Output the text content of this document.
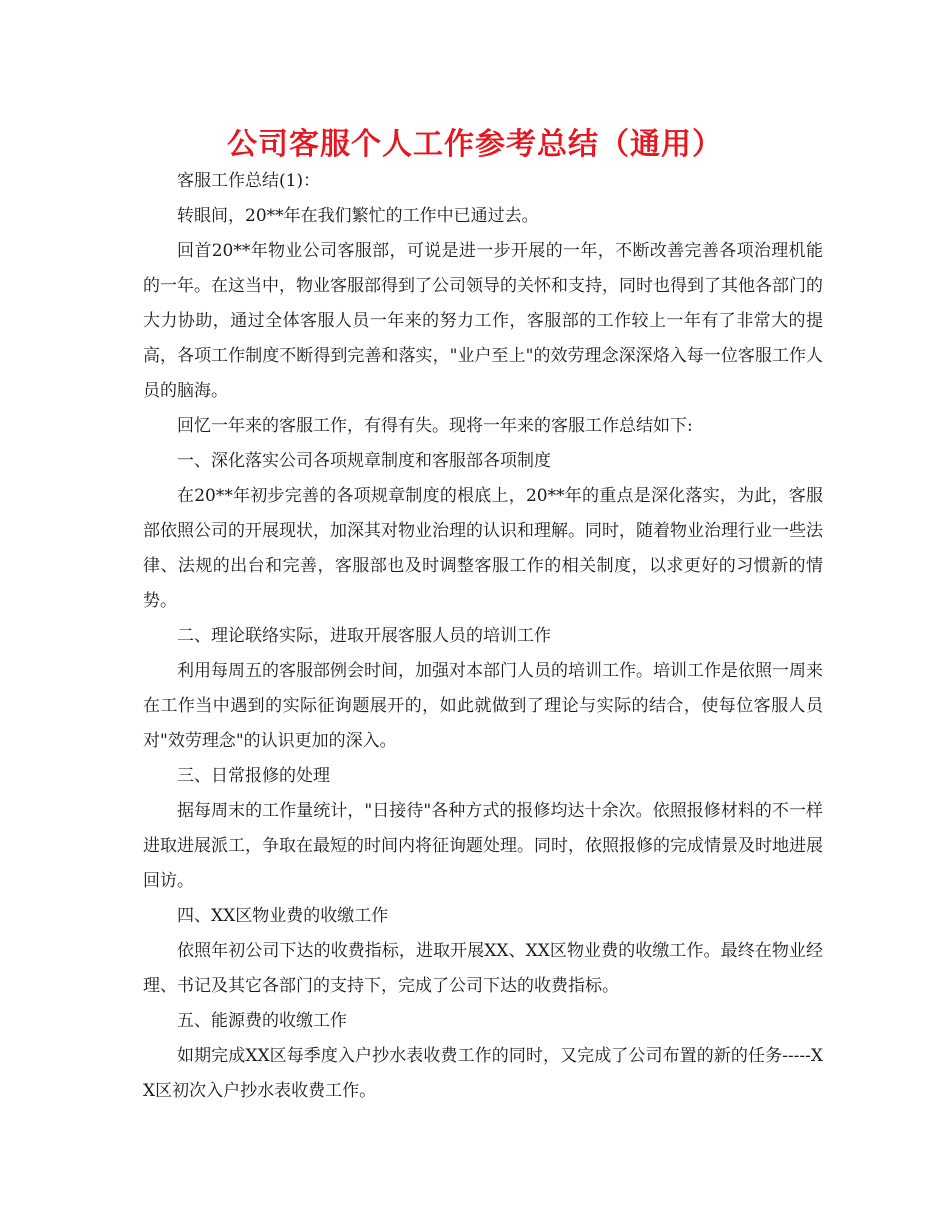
公司客服个人工作参考总结（通用）

客服工作总结(1)：

转眼间，20**年在我们繁忙的工作中已通过去。

回首20**年物业公司客服部，可说是进一步开展的一年，不断改善完善各项治理机能的一年。在这当中，物业客服部得到了公司领导的关怀和支持，同时也得到了其他各部门的大力协助，通过全体客服人员一年来的努力工作，客服部的工作较上一年有了非常大的提高，各项工作制度不断得到完善和落实，"业户至上"的效劳理念深深烙入每一位客服工作人员的脑海。

回忆一年来的客服工作，有得有失。现将一年来的客服工作总结如下:

一、深化落实公司各项规章制度和客服部各项制度

在20**年初步完善的各项规章制度的根底上，20**年的重点是深化落实，为此，客服部依照公司的开展现状，加深其对物业治理的认识和理解。同时，随着物业治理行业一些法律、法规的出台和完善，客服部也及时调整客服工作的相关制度，以求更好的习惯新的情势。

二、理论联络实际，进取开展客服人员的培训工作

利用每周五的客服部例会时间，加强对本部门人员的培训工作。培训工作是依照一周来在工作当中遇到的实际征询题展开的，如此就做到了理论与实际的结合，使每位客服人员对"效劳理念"的认识更加的深入。

三、日常报修的处理

据每周末的工作量统计，"日接待"各种方式的报修均达十余次。依照报修材料的不一样进取进展派工，争取在最短的时间内将征询题处理。同时，依照报修的完成情景及时地进展回访。

四、XX区物业费的收缴工作

依照年初公司下达的收费指标，进取开展XX、XX区物业费的收缴工作。最终在物业经理、书记及其它各部门的支持下，完成了公司下达的收费指标。

五、能源费的收缴工作

如期完成XX区每季度入户抄水表收费工作的同时，又完成了公司布置的新的任务-----XX区初次入户抄水表收费工作。
